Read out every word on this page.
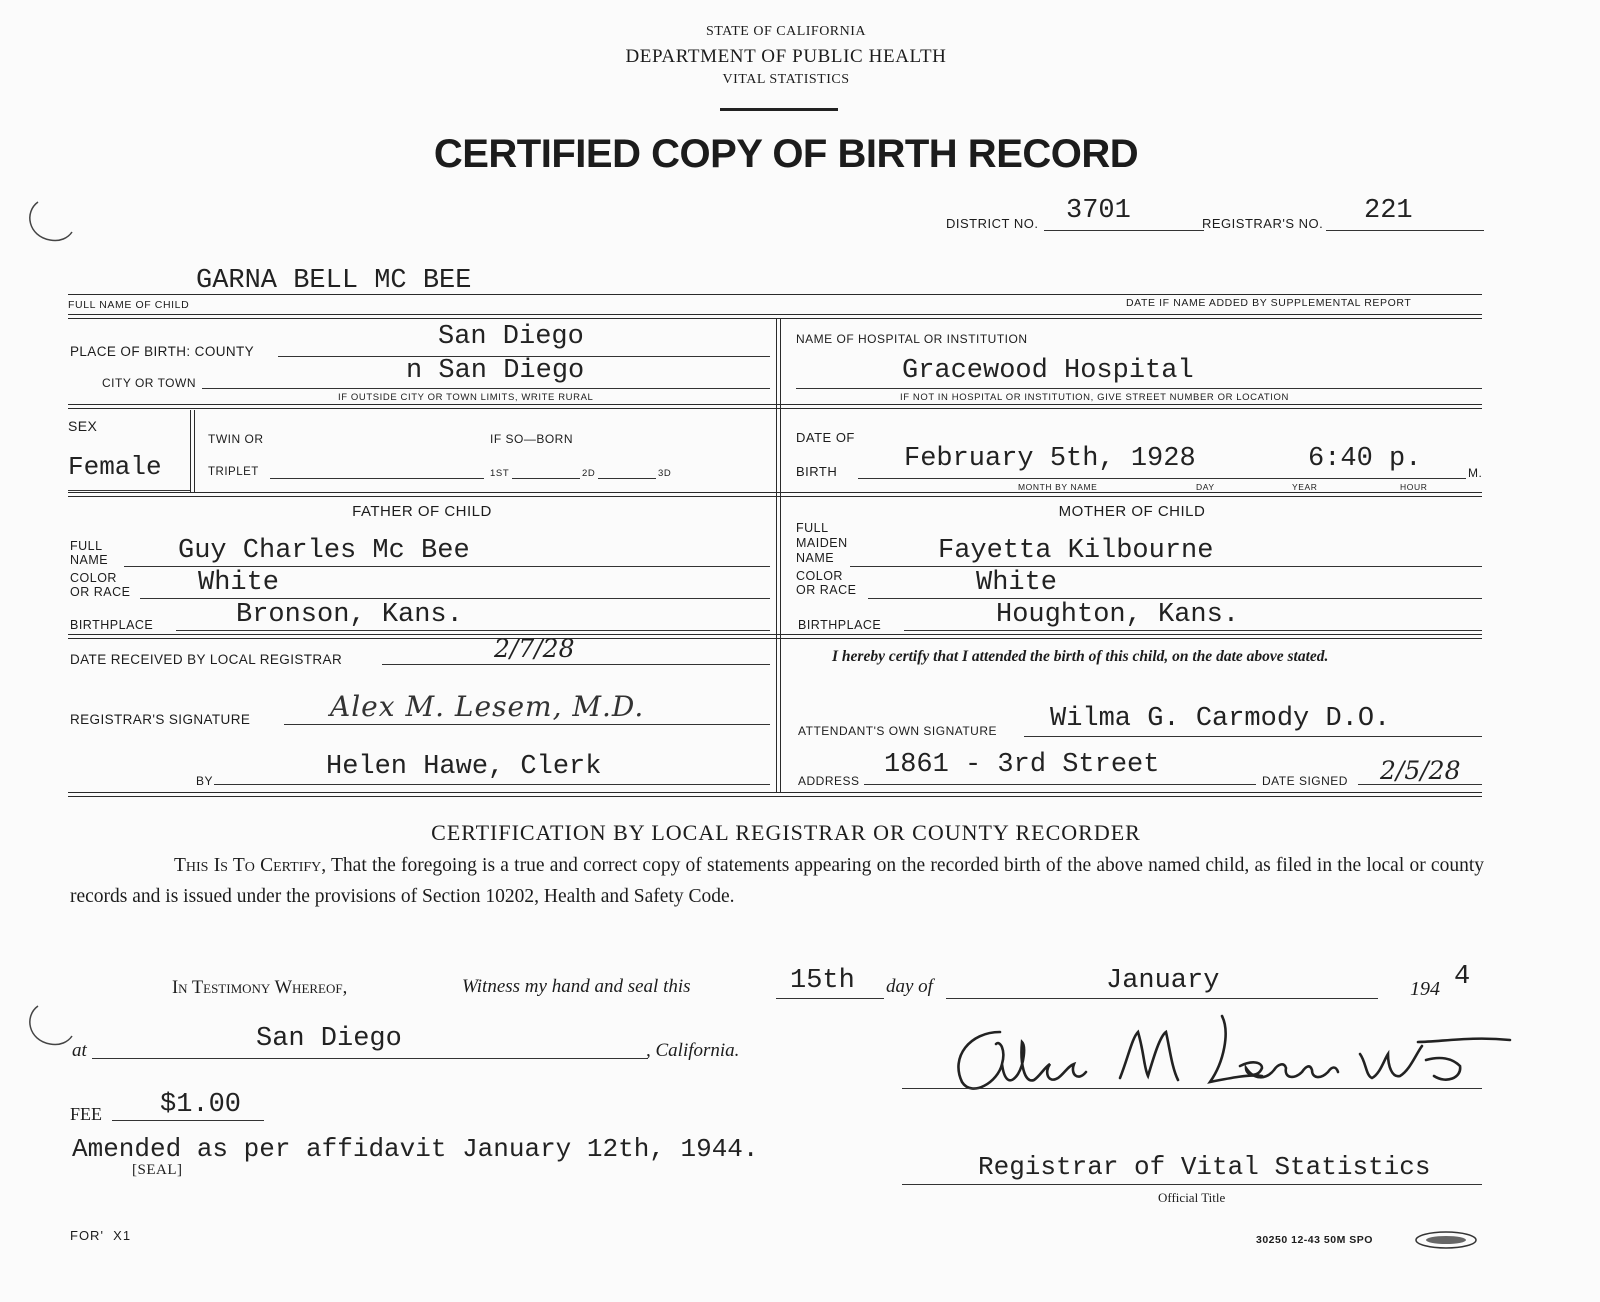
STATE OF CALIFORNIA
DEPARTMENT OF PUBLIC HEALTH
VITAL STATISTICS
CERTIFIED COPY OF BIRTH RECORD
DISTRICT NO. 3701	REGISTRAR'S NO. 221
GARNA BELL MC BEE
FULL NAME OF CHILD	DATE IF NAME ADDED BY SUPPLEMENTAL REPORT
PLACE OF BIRTH: COUNTY	San Diego
CITY OR TOWN	n San Diego
IF OUTSIDE CITY OR TOWN LIMITS, WRITE RURAL
NAME OF HOSPITAL OR INSTITUTION
Gracewood Hospital
IF NOT IN HOSPITAL OR INSTITUTION, GIVE STREET NUMBER OR LOCATION
SEX
Female
TWIN OR
TRIPLET
IF SO—BORN
1ST	2D	3D
DATE OF
BIRTH February 5th, 1928	6:40 p.	M.
MONTH BY NAME	DAY	YEAR	HOUR
FATHER OF CHILD
FULL
NAME	Guy Charles Mc Bee
COLOR
OR RACE	White
BIRTHPLACE	Bronson, Kans.
MOTHER OF CHILD
FULL
MAIDEN
NAME	Fayetta Kilbourne
COLOR
OR RACE	White
BIRTHPLACE	Houghton, Kans.
DATE RECEIVED BY LOCAL REGISTRAR	2/7/28
REGISTRAR'S SIGNATURE	Alex M. Lesem, M.D.
BY	Helen Hawe, Clerk
I hereby certify that I attended the birth of this child, on the date above stated.
ATTENDANT'S OWN SIGNATURE Wilma G. Carmody D.O.
ADDRESS
1861 - 3rd Street
DATE SIGNED 2/5/28
CERTIFICATION BY LOCAL REGISTRAR OR COUNTY RECORDER
This Is To Certify, That the foregoing is a true and correct copy of statements appearing on the recorded birth of the above named child, as filed in the local or county records and is issued under the provisions of Section 10202, Health and Safety Code.
In Testimony Whereof,	Witness my hand and seal this	15th day of	January	194 4
at	San Diego	, California.
Alex M Lesem MD
FEE $1.00
Amended as per affidavit January 12th, 1944.
[SEAL]	Registrar of Vital Statistics
Official Title
FOR'  X1	30250 12-43 50M SPO
